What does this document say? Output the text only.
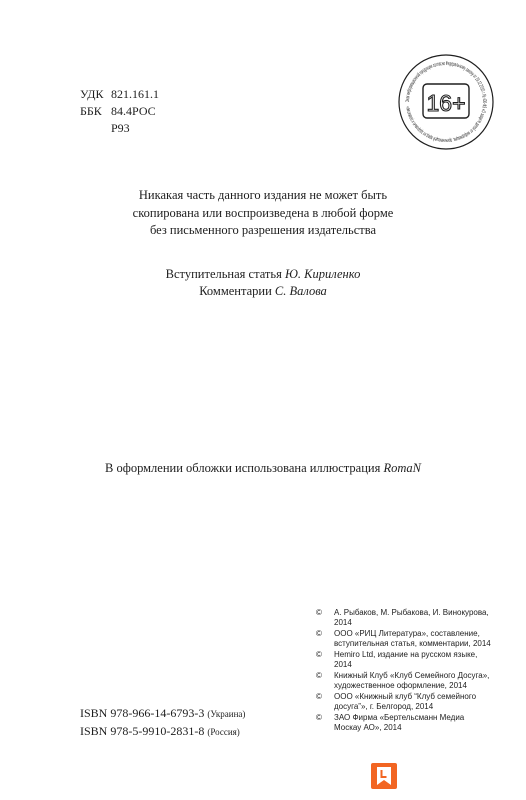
УДК 821.161.1
ББК 84.4РОС
Р93
Знак информационной продукции согласно Федеральному закону от 29.12.2010 г. № 436-ФЗ «О защите детей от информации, причиняющей вред их здоровью и развитию» 16+
Никакая часть данного издания не может быть
скопирована или воспроизведена в любой форме
без письменного разрешения издательства
Вступительная статья Ю. Кириленко
Комментарии С. Валова
В оформлении обложки использована иллюстрация RomaN
ISBN 978-966-14-6793-3 (Украина)
ISBN 978-5-9910-2831-8 (Россия)
©	А. Рыбаков, М. Рыбакова, И. Винокурова, 2014
©	ООО «РИЦ Литература», составление, вступительная статья, комментарии, 2014
©	Hemiro Ltd, издание на русском языке, 2014
©	Книжный Клуб «Клуб Семейного Досуга», художественное оформление, 2014
©	ООО «Книжный клуб “Клуб семейного досуга”», г. Белгород, 2014
©	ЗАО Фирма «Бертельсманн Медиа Москау АО», 2014
